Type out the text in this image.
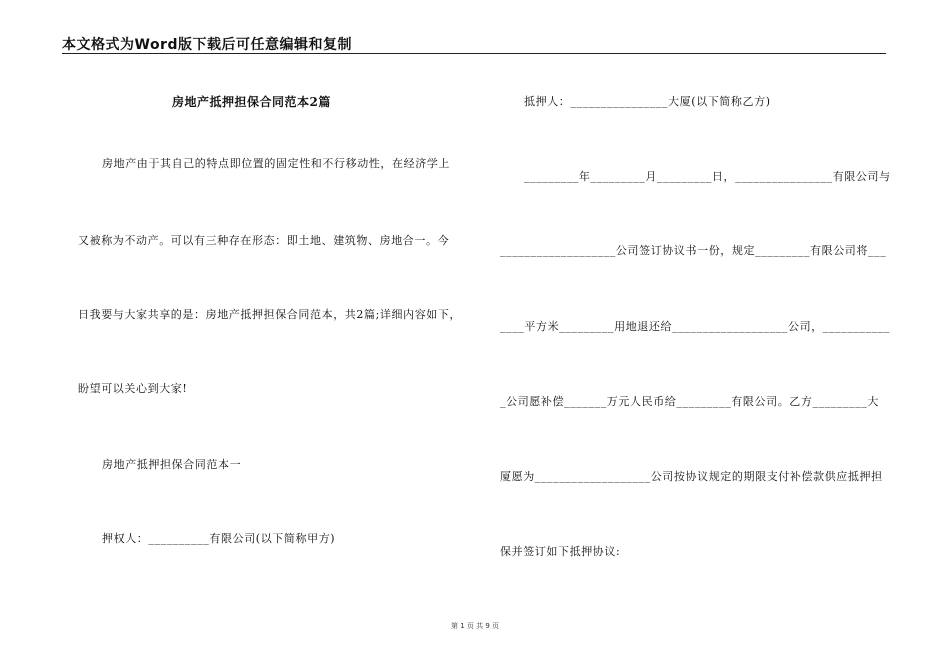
本文格式为Word版下载后可任意编辑和复制
房地产抵押担保合同范本2篇
房地产由于其自己的特点即位置的固定性和不行移动性，在经济学上
又被称为不动产。可以有三种存在形态：即土地、建筑物、房地合一。今
日我要与大家共享的是：房地产抵押担保合同范本，共2篇;详细内容如下，
盼望可以关心到大家!
房地产抵押担保合同范本一
押权人：__________有限公司(以下简称甲方)
抵押人：________________大厦(以下简称乙方)
_________年_________月_________日，________________有限公司与
___________________公司签订协议书一份，规定_________有限公司将___
____平方米_________用地退还给___________________公司，___________
_公司愿补偿_______万元人民币给_________有限公司。乙方_________大
厦愿为___________________公司按协议规定的期限支付补偿款供应抵押担
保并签订如下抵押协议:
第 1 页 共 9 页
